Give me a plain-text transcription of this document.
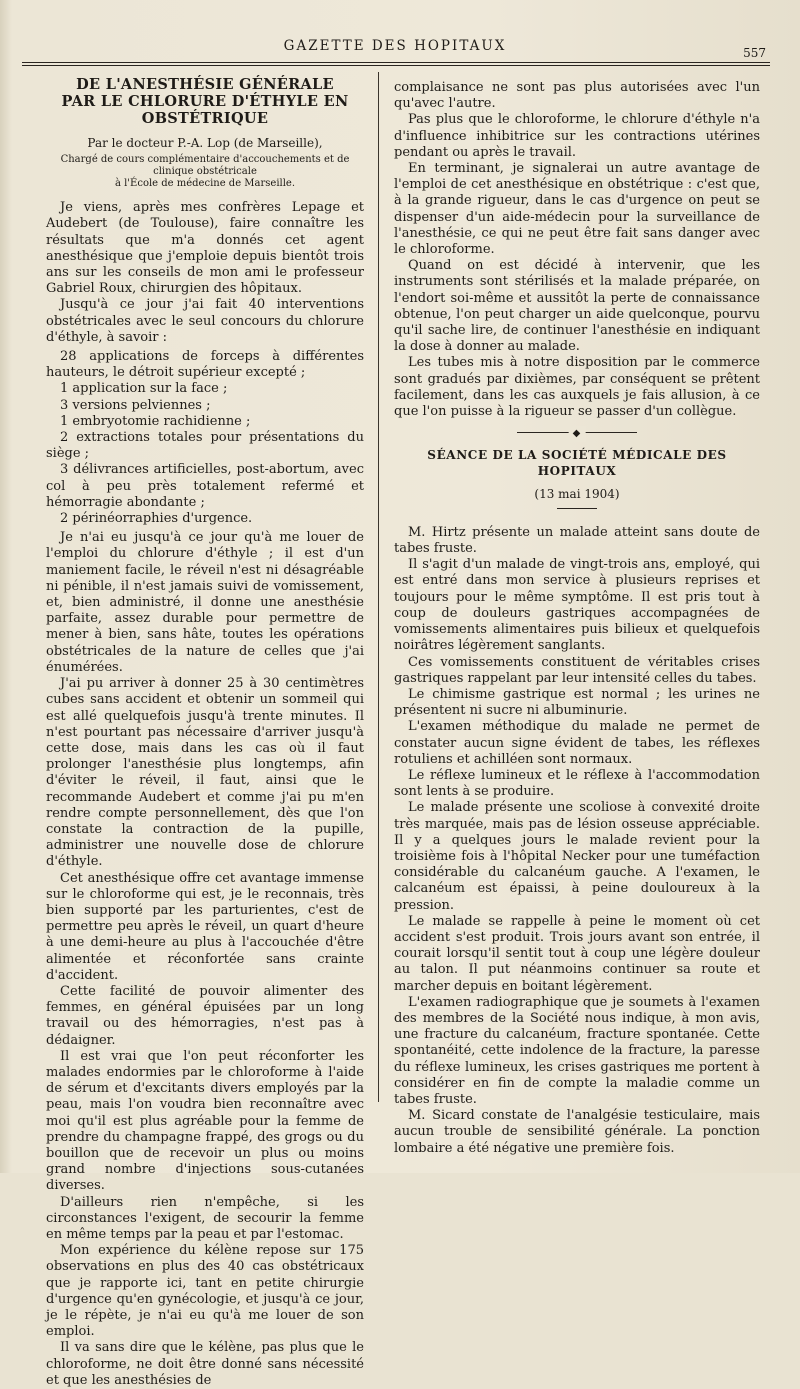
GAZETTE DES HOPITAUX	557
DE L'ANESTHÉSIE GÉNÉRALE
PAR LE CHLORURE D'ÉTHYLE EN OBSTÉTRIQUE

Par le docteur P.-A. Lop (de Marseille),

Chargé de cours complémentaire d'accouchements et de clinique obstétricale
à l'École de médecine de Marseille.

Je viens, après mes confrères Lepage et Audebert (de Toulouse), faire connaître les résultats que m'a donnés cet agent anesthésique que j'emploie depuis bientôt trois ans sur les conseils de mon ami le professeur Gabriel Roux, chirurgien des hôpitaux.

Jusqu'à ce jour j'ai fait 40 interventions obstétricales avec le seul concours du chlorure d'éthyle, à savoir :

28 applications de forceps à différentes hauteurs, le détroit supérieur excepté ;

1 application sur la face ;

3 versions pelviennes ;

1 embryotomie rachidienne ;

2 extractions totales pour présentations du siège ;

3 délivrances artificielles, post-abortum, avec col à peu près totalement refermé et hémorragie abondante ;

2 périnéorraphies d'urgence.

Je n'ai eu jusqu'à ce jour qu'à me louer de l'emploi du chlorure d'éthyle ; il est d'un maniement facile, le réveil n'est ni désagréable ni pénible, il n'est jamais suivi de vomissement, et, bien administré, il donne une anesthésie parfaite, assez durable pour permettre de mener à bien, sans hâte, toutes les opérations obstétricales de la nature de celles que j'ai énumérées.

J'ai pu arriver à donner 25 à 30 centimètres cubes sans accident et obtenir un sommeil qui est allé quelquefois jusqu'à trente minutes. Il n'est pourtant pas nécessaire d'arriver jusqu'à cette dose, mais dans les cas où il faut prolonger l'anesthésie plus longtemps, afin d'éviter le réveil, il faut, ainsi que le recommande Audebert et comme j'ai pu m'en rendre compte personnellement, dès que l'on constate la contraction de la pupille, administrer une nouvelle dose de chlorure d'éthyle.

Cet anesthésique offre cet avantage immense sur le chloroforme qui est, je le reconnais, très bien supporté par les parturientes, c'est de permettre peu après le réveil, un quart d'heure à une demi-heure au plus à l'accouchée d'être alimentée et réconfortée sans crainte d'accident.

Cette facilité de pouvoir alimenter des femmes, en général épuisées par un long travail ou des hémorragies, n'est pas à dédaigner.

Il est vrai que l'on peut réconforter les malades endormies par le chloroforme à l'aide de sérum et d'excitants divers employés par la peau, mais l'on voudra bien reconnaître avec moi qu'il est plus agréable pour la femme de prendre du champagne frappé, des grogs ou du bouillon que de recevoir un plus ou moins grand nombre d'injections sous-cutanées diverses.

D'ailleurs rien n'empêche, si les circonstances l'exigent, de secourir la femme en même temps par la peau et par l'estomac.

Mon expérience du kélène repose sur 175 observations en plus des 40 cas obstétricaux que je rapporte ici, tant en petite chirurgie d'urgence qu'en gynécologie, et jusqu'à ce jour, je le répète, je n'ai eu qu'à me louer de son emploi.

Il va sans dire que le kélène, pas plus que le chloroforme, ne doit être donné sans nécessité et que les anesthésies de

complaisance ne sont pas plus autorisées avec l'un qu'avec l'autre.

Pas plus que le chloroforme, le chlorure d'éthyle n'a d'influence inhibitrice sur les contractions utérines pendant ou après le travail.

En terminant, je signalerai un autre avantage de l'emploi de cet anesthésique en obstétrique : c'est que, à la grande rigueur, dans le cas d'urgence on peut se dispenser d'un aide-médecin pour la surveillance de l'anesthésie, ce qui ne peut être fait sans danger avec le chloroforme.

Quand on est décidé à intervenir, que les instruments sont stérilisés et la malade préparée, on l'endort soi-même et aussitôt la perte de connaissance obtenue, l'on peut charger un aide quelconque, pourvu qu'il sache lire, de continuer l'anesthésie en indiquant la dose à donner au malade.

Les tubes mis à notre disposition par le commerce sont gradués par dixièmes, par conséquent se prêtent facilement, dans les cas auxquels je fais allusion, à ce que l'on puisse à la rigueur se passer d'un collègue.

◆

SÉANCE DE LA SOCIÉTÉ MÉDICALE DES HOPITAUX

(13 mai 1904)

M. Hirtz présente un malade atteint sans doute de tabes fruste.

Il s'agit d'un malade de vingt-trois ans, employé, qui est entré dans mon service à plusieurs reprises et toujours pour le même symptôme. Il est pris tout à coup de douleurs gastriques accompagnées de vomissements alimentaires puis bilieux et quelquefois noirâtres légèrement sanglants.

Ces vomissements constituent de véritables crises gastriques rappelant par leur intensité celles du tabes.

Le chimisme gastrique est normal ; les urines ne présentent ni sucre ni albuminurie.

L'examen méthodique du malade ne permet de constater aucun signe évident de tabes, les réflexes rotuliens et achilléen sont normaux.

Le réflexe lumineux et le réflexe à l'accommodation sont lents à se produire.

Le malade présente une scoliose à convexité droite très marquée, mais pas de lésion osseuse appréciable. Il y a quelques jours le malade revient pour la troisième fois à l'hôpital Necker pour une tuméfaction considérable du calcanéum gauche. A l'examen, le calcanéum est épaissi, à peine douloureux à la pression.

Le malade se rappelle à peine le moment où cet accident s'est produit. Trois jours avant son entrée, il courait lorsqu'il sentit tout à coup une légère douleur au talon. Il put néanmoins continuer sa route et marcher depuis en boitant légèrement.

L'examen radiographique que je soumets à l'examen des membres de la Société nous indique, à mon avis, une fracture du calcanéum, fracture spontanée. Cette spontanéité, cette indolence de la fracture, la paresse du réflexe lumineux, les crises gastriques me portent à considérer en fin de compte la maladie comme un tabes fruste.

M. Sicard constate de l'analgésie testiculaire, mais aucun trouble de sensibilité générale. La ponction lombaire a été négative une première fois.
